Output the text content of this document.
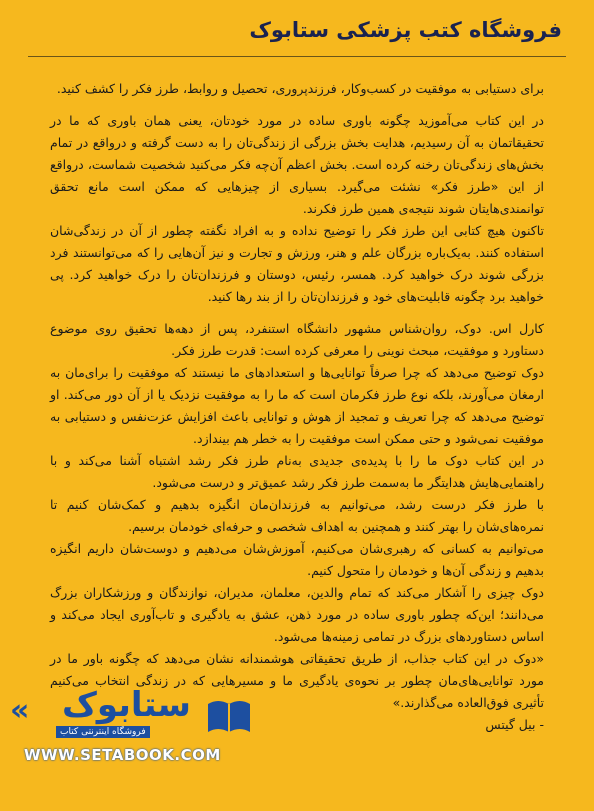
فروشگاه کتب پزشکی ستابوک

برای دستیابی به موفقیت در کسب‌وکار، فرزندپروری، تحصیل و روابط، طرز فکر را کشف کنید.

در این کتاب می‌آموزید چگونه باوری ساده در مورد خودتان، یعنی همان باوری که ما در تحقیقاتمان به آن رسیدیم، هدایت بخش بزرگی از زندگی‌تان را به دست گرفته و درواقع در تمام بخش‌های زندگی‌تان رخنه کرده است. بخش اعظم آن‌چه فکر می‌کنید شخصیت شماست، درواقع از این «طرز فکر» نشئت می‌گیرد. بسیاری از چیزهایی که ممکن است مانع تحقق توانمندی‌هایتان شوند نتیجه‌ی همین طرز فکرند.

تاکنون هیچ کتابی این طرز فکر را توضیح نداده و به افراد نگفته چطور از آن در زندگی‌شان استفاده کنند. به‌یک‌باره بزرگان علم و هنر، ورزش و تجارت و نیز آن‌هایی را که می‌توانستند فرد بزرگی شوند درک خواهید کرد. همسر، رئیس، دوستان و فرزندان‌تان را درک خواهید کرد. پی خواهید برد چگونه قابلیت‌های خود و فرزندان‌تان را از بند رها کنید.

کارل اس. دوک، روان‌شناس مشهور دانشگاه استنفرد، پس از دهه‌ها تحقیق روی موضوع دستاورد و موفقیت، مبحث نوینی را معرفی کرده است: قدرت طرز فکر.

دوک توضیح می‌دهد که چرا صرفاً توانایی‌ها و استعدادهای ما نیستند که موفقیت را برای‌مان به ارمغان می‌آورند، بلکه نوع طرز فکرمان است که ما را به موفقیت نزدیک یا از آن دور می‌کند. او توضیح می‌دهد که چرا تعریف و تمجید از هوش و توانایی باعث افزایش عزت‌نفس و دستیابی به موفقیت نمی‌شود و حتی ممکن است موفقیت را به خطر هم بیندازد.

در این کتاب دوک ما را با پدیده‌ی جدیدی به‌نام طرز فکر رشد اشتباه آشنا می‌کند و با راهنمایی‌هایش هدایتگر ما به‌سمت طرز فکر رشد عمیق‌تر و درست می‌شود.

با طرز فکر درست رشد، می‌توانیم به فرزندان‌مان انگیزه بدهیم و کمک‌شان کنیم تا نمره‌های‌شان را بهتر کنند و همچنین به اهداف شخصی و حرفه‌ای خودمان برسیم.

می‌توانیم به کسانی که رهبری‌شان می‌کنیم، آموزش‌شان می‌دهیم و دوست‌شان داریم انگیزه بدهیم و زندگی آن‌ها و خودمان را متحول کنیم.

دوک چیزی را آشکار می‌کند که تمام والدین، معلمان، مدیران، نوازندگان و ورزشکاران بزرگ می‌دانند؛ این‌که چطور باوری ساده در مورد ذهن، عشق به یادگیری و تاب‌آوری ایجاد می‌کند و اساس دستاوردهای بزرگ در تمامی زمینه‌ها می‌شود.

«دوک در این کتاب جذاب، از طریق تحقیقاتی هوشمندانه نشان می‌دهد که چگونه باور ما در مورد توانایی‌های‌مان چطور بر نحوه‌ی یادگیری ما و مسیرهایی که در زندگی انتخاب می‌کنیم تأثیری فوق‌العاده می‌گذارند.»

- بیل گیتس

« ستابوک
فروشگاه اینترنتی کتاب
WWW.SETABOOK.COM
